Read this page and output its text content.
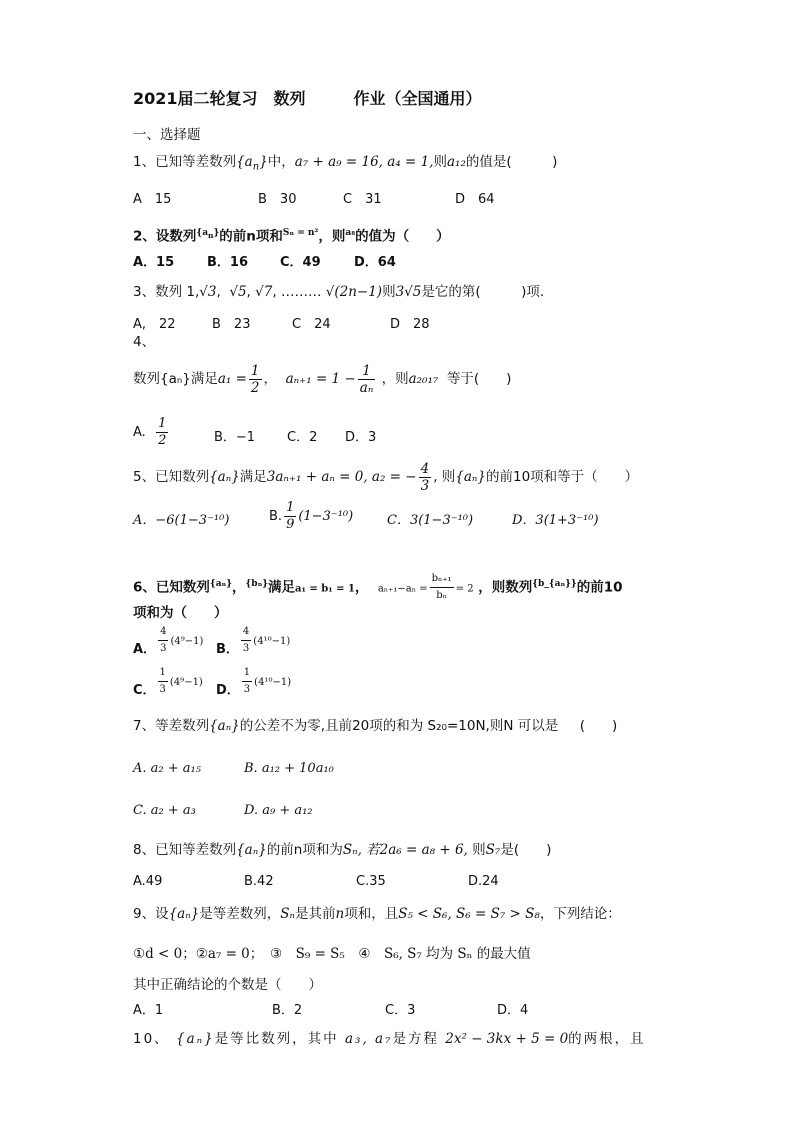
2021届二轮复习　数列　　　作业（全国通用）
一、选择题
1、已知等差数列$\{a_n\}$中，a₇ + a₉ = 16, a₄ = 1,则a₁₂的值是(　　　)
A　15	B　30	C　31	D　64
2、设数列$^{\{a_n\}}$的前n项和$^{S_n = n^2}$，则$^{a_8}$的值为（　　）
A．15	B．16 C．49	D．64
3、数列 1,√3,  √5, √7, ……… √(2n−1)则3√5是它的第(　　　)项.
A,　22	B　23	C　24	D　28
4、
数列{aₙ}满足$a_1 = \frac{1}{2}$ ， $a_{n+1} = 1 - \frac{1}{\text{aₙ}}$ ，则a₂₀₁₇ 等于(　　)
A. $\frac{1}{2}$	B．−1 C．2 D．3
5、已知数列{aₙ}满足3aₙ₊₁ + aₙ = 0, a₂ = − $\frac{4}{3}$ , 则{aₙ}的前10项和等于（　　）
A．−6(1−3⁻¹⁰)	B. $\frac{1}{9} (1-3^{-10})$	C．3(1−3⁻¹⁰)	D．3(1+3⁻¹⁰)
6、已知数列$^{\{a_n\}}$，$^{\{b_n\}}$满足a₁ = b₁ = 1， $a_{n+1}-a_n = \frac{\text{bₙ₊₁}}{\text{bₙ}} = 2$ ，则数列$^{\{b\_\{a_n\}\}}$的前10
项和为（　　）
A． $\frac{4}{3} (4^9-1)$
B． $\frac{4}{3} (4^{10}-1)$
C． $\frac{1}{3} (4^9-1)$
D． $\frac{1}{3} (4^{10}-1)$
7、等差数列{aₙ}的公差不为零,且前20项的和为 S₂₀=10N,则N 可以是 (　　)
A. a₂ + a₁₅	B. a₁₂ + 10a₁₀
C. a₂ + a₃	D. a₉ + a₁₂
8、已知等差数列{aₙ}的前n项和为Sₙ, 若2a₆ = a₈ + 6, 则S₇是(　　)
A.49	B.42	C.35	D.24
9、设{aₙ}是等差数列，Sₙ是其前n项和，且S₅ < S₆, S₆ = S₇ > S₈，下列结论：
①d < 0；②a₇ = 0；　③　S₉ = S₅　④　S₆, S₇ 均为 Sₙ 的最大值
其中正确结论的个数是（　　）
A．1	B．2	C．3	D．4
10、 {aₙ}是等比数列，其中 a₃, a₇是方程 2x² − 3kx + 5 = 0的两根，且
